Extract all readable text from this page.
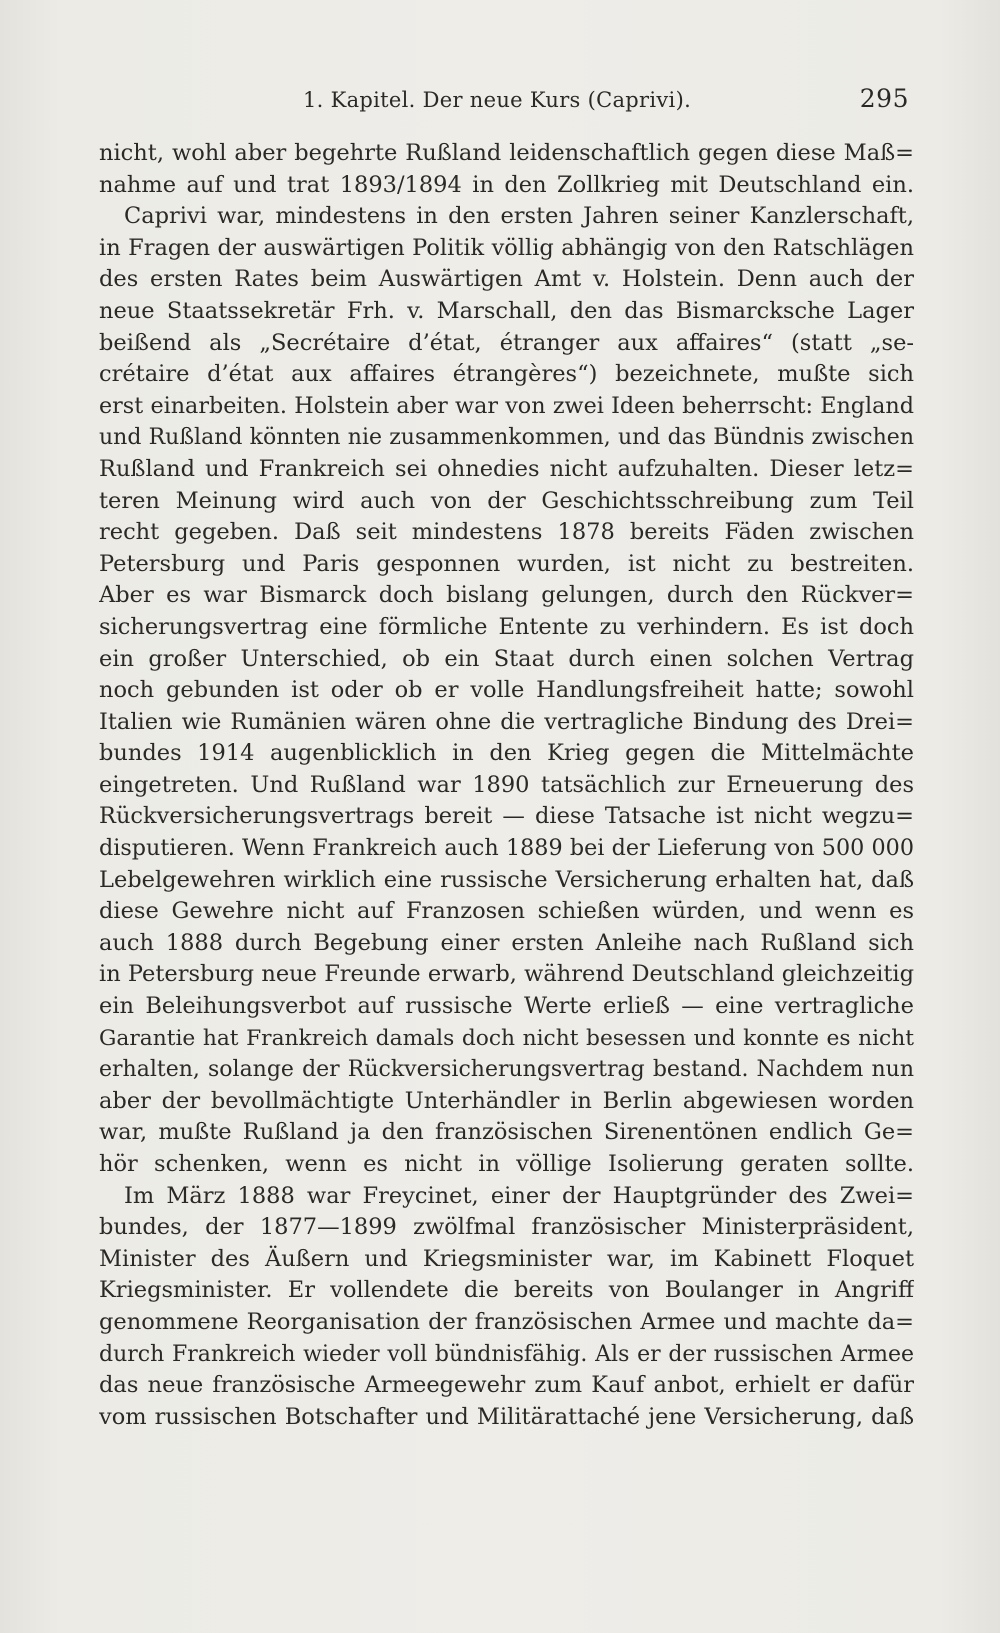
1. Kapitel. Der neue Kurs (Caprivi).	295
nicht, wohl aber begehrte Rußland leidenschaftlich gegen diese Maß=
nahme auf und trat 1893/1894 in den Zollkrieg mit Deutschland ein.
Caprivi war, mindestens in den ersten Jahren seiner Kanzlerschaft,
in Fragen der auswärtigen Politik völlig abhängig von den Ratschlägen
des ersten Rates beim Auswärtigen Amt v. Holstein. Denn auch der
neue Staatssekretär Frh. v. Marschall, den das Bismarcksche Lager
beißend als „Secrétaire d’état, étranger aux affaires“ (statt „se-
crétaire d’état aux affaires étrangères“) bezeichnete, mußte sich
erst einarbeiten. Holstein aber war von zwei Ideen beherrscht: England
und Rußland könnten nie zusammenkommen, und das Bündnis zwischen
Rußland und Frankreich sei ohnedies nicht aufzuhalten. Dieser letz=
teren Meinung wird auch von der Geschichtsschreibung zum Teil
recht gegeben. Daß seit mindestens 1878 bereits Fäden zwischen
Petersburg und Paris gesponnen wurden, ist nicht zu bestreiten.
Aber es war Bismarck doch bislang gelungen, durch den Rückver=
sicherungsvertrag eine förmliche Entente zu verhindern. Es ist doch
ein großer Unterschied, ob ein Staat durch einen solchen Vertrag
noch gebunden ist oder ob er volle Handlungsfreiheit hatte; sowohl
Italien wie Rumänien wären ohne die vertragliche Bindung des Drei=
bundes 1914 augenblicklich in den Krieg gegen die Mittelmächte
eingetreten. Und Rußland war 1890 tatsächlich zur Erneuerung des
Rückversicherungsvertrags bereit — diese Tatsache ist nicht wegzu=
disputieren. Wenn Frankreich auch 1889 bei der Lieferung von 500 000
Lebelgewehren wirklich eine russische Versicherung erhalten hat, daß
diese Gewehre nicht auf Franzosen schießen würden, und wenn es
auch 1888 durch Begebung einer ersten Anleihe nach Rußland sich
in Petersburg neue Freunde erwarb, während Deutschland gleichzeitig
ein Beleihungsverbot auf russische Werte erließ — eine vertragliche
Garantie hat Frankreich damals doch nicht besessen und konnte es nicht
erhalten, solange der Rückversicherungsvertrag bestand. Nachdem nun
aber der bevollmächtigte Unterhändler in Berlin abgewiesen worden
war, mußte Rußland ja den französischen Sirenentönen endlich Ge=
hör schenken, wenn es nicht in völlige Isolierung geraten sollte.
Im März 1888 war Freycinet, einer der Hauptgründer des Zwei=
bundes, der 1877—1899 zwölfmal französischer Ministerpräsident,
Minister des Äußern und Kriegsminister war, im Kabinett Floquet
Kriegsminister. Er vollendete die bereits von Boulanger in Angriff
genommene Reorganisation der französischen Armee und machte da=
durch Frankreich wieder voll bündnisfähig. Als er der russischen Armee
das neue französische Armeegewehr zum Kauf anbot, erhielt er dafür
vom russischen Botschafter und Militärattaché jene Versicherung, daß
